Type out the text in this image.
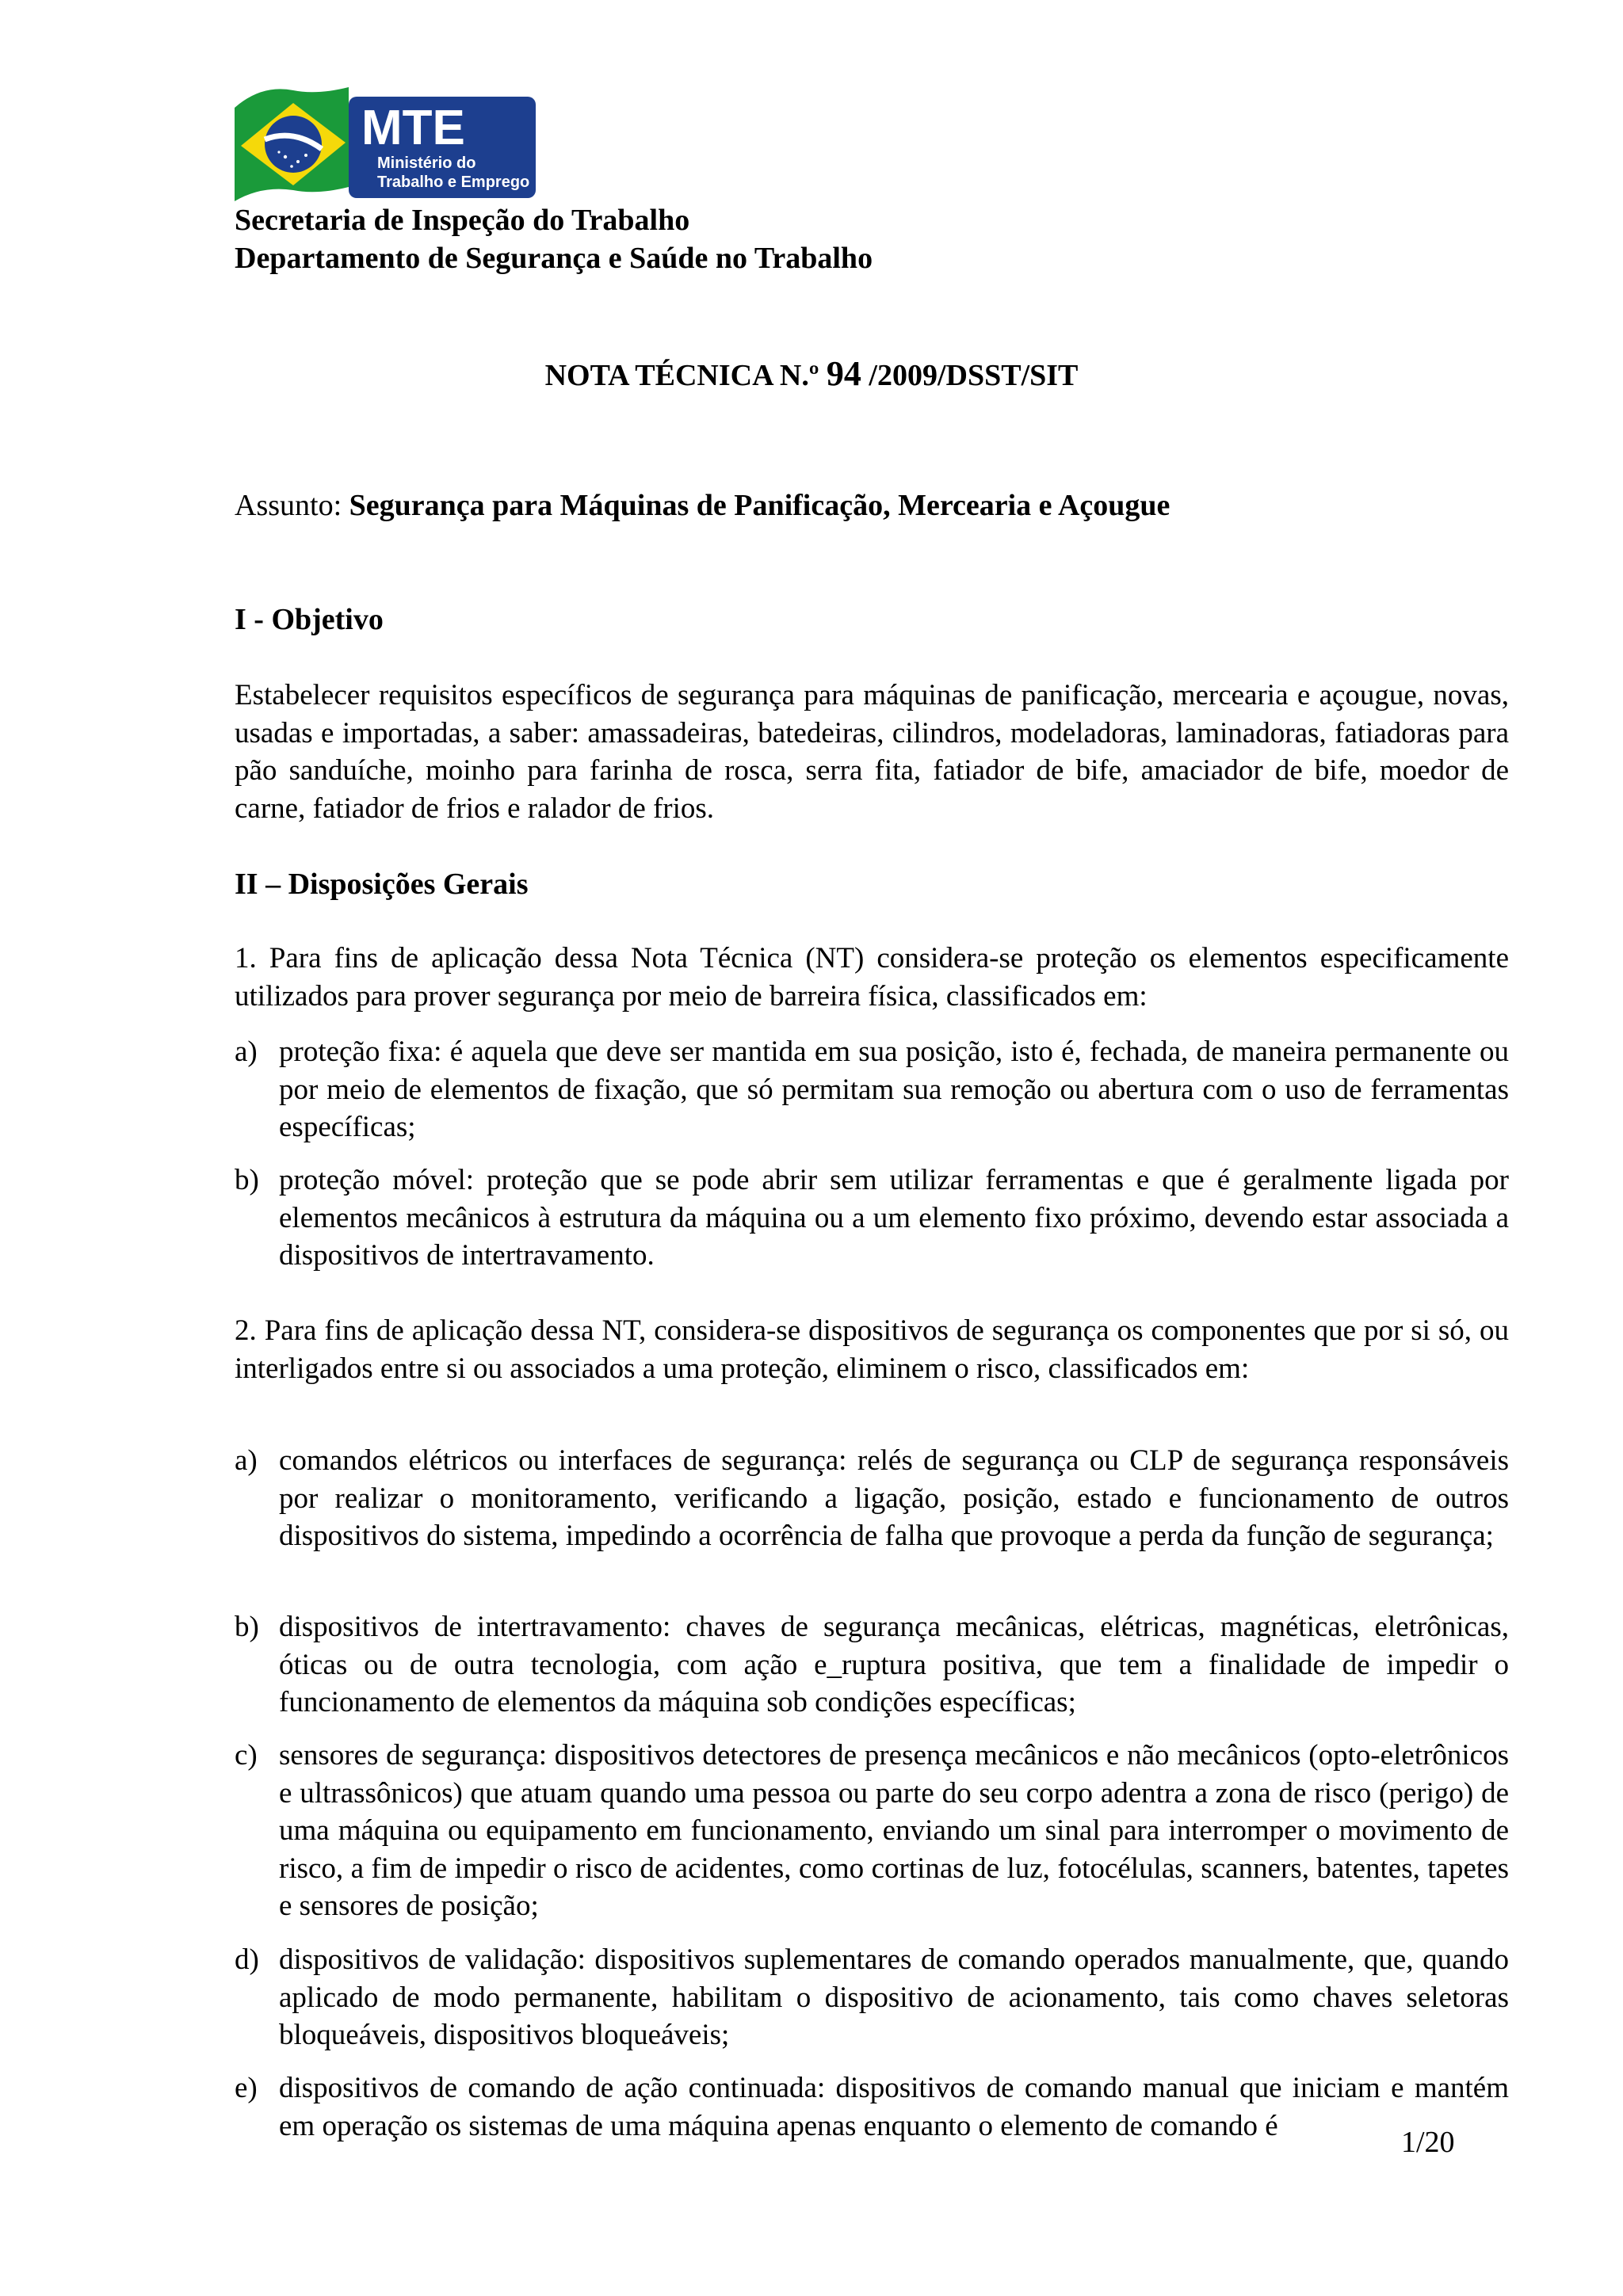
MTE
Ministério do
Trabalho e Emprego
Secretaria de Inspeção do Trabalho
Departamento de Segurança e Saúde no Trabalho
NOTA TÉCNICA N.º 94 /2009/DSST/SIT
Assunto: Segurança para Máquinas de Panificação, Mercearia e Açougue
I - Objetivo
Estabelecer requisitos específicos de segurança para máquinas de panificação, mercearia e açougue, novas, usadas e importadas, a saber: amassadeiras, batedeiras, cilindros, modeladoras, laminadoras, fatiadoras para pão sanduíche, moinho para farinha de rosca, serra fita, fatiador de bife, amaciador de bife, moedor de carne, fatiador de frios e ralador de frios.
II – Disposições Gerais
1. Para fins de aplicação dessa Nota Técnica (NT) considera-se proteção os elementos especificamente utilizados para prover segurança por meio de barreira física, classificados em:
a) proteção fixa: é aquela que deve ser mantida em sua posição, isto é, fechada, de maneira permanente ou por meio de elementos de fixação, que só permitam sua remoção ou abertura com o uso de ferramentas específicas;
b) proteção móvel: proteção que se pode abrir sem utilizar ferramentas e que é geralmente ligada por elementos mecânicos à estrutura da máquina ou a um elemento fixo próximo, devendo estar associada a dispositivos de intertravamento.
2. Para fins de aplicação dessa NT, considera-se dispositivos de segurança os componentes que por si só, ou interligados entre si ou associados a uma proteção, eliminem o risco, classificados em:
a) comandos elétricos ou interfaces de segurança: relés de segurança ou CLP de segurança responsáveis por realizar o monitoramento, verificando a ligação, posição, estado e funcionamento de outros dispositivos do sistema, impedindo a ocorrência de falha que provoque a perda da função de segurança;
b) dispositivos de intertravamento: chaves de segurança mecânicas, elétricas, magnéticas, eletrônicas, óticas ou de outra tecnologia, com ação e_ruptura positiva, que tem a finalidade de impedir o funcionamento de elementos da máquina sob condições específicas;
c) sensores de segurança: dispositivos detectores de presença mecânicos e não mecânicos (opto-eletrônicos e ultrassônicos) que atuam quando uma pessoa ou parte do seu corpo adentra a zona de risco (perigo) de uma máquina ou equipamento em funcionamento, enviando um sinal para interromper o movimento de risco, a fim de impedir o risco de acidentes, como cortinas de luz, fotocélulas, scanners, batentes, tapetes e sensores de posição;
d) dispositivos de validação: dispositivos suplementares de comando operados manualmente, que, quando aplicado de modo permanente, habilitam o dispositivo de acionamento, tais como chaves seletoras bloqueáveis, dispositivos bloqueáveis;
e) dispositivos de comando de ação continuada: dispositivos de comando manual que iniciam e mantém em operação os sistemas de uma máquina apenas enquanto o elemento de comando é	1/20
